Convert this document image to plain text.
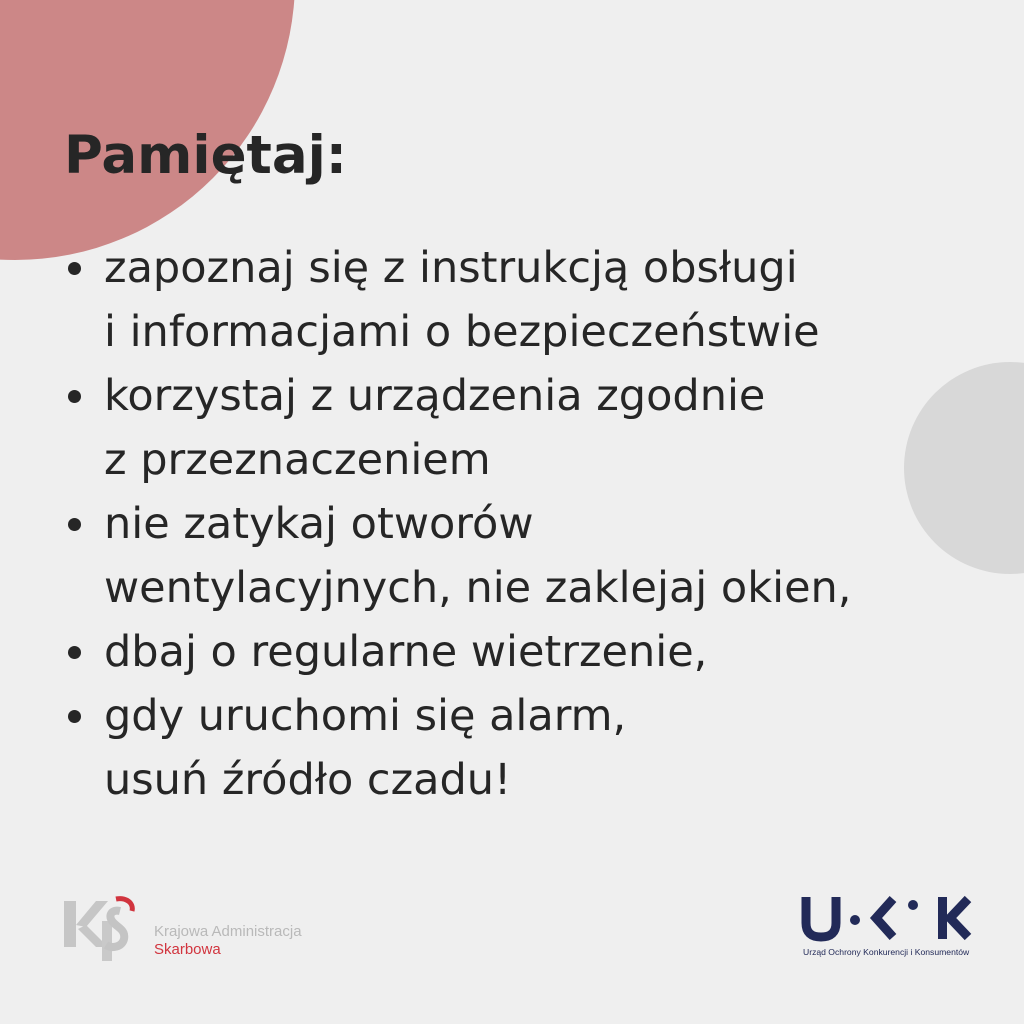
Pamiętaj:
zapoznaj się z instrukcją obsługi
i informacjami o bezpieczeństwie
korzystaj z urządzenia zgodnie
z przeznaczeniem
nie zatykaj otworów
wentylacyjnych, nie zaklejaj okien,
dbaj o regularne wietrzenie,
gdy uruchomi się alarm,
usuń źródło czadu!
Krajowa Administracja
Skarbowa	Urząd Ochrony Konkurencji i Konsumentów
